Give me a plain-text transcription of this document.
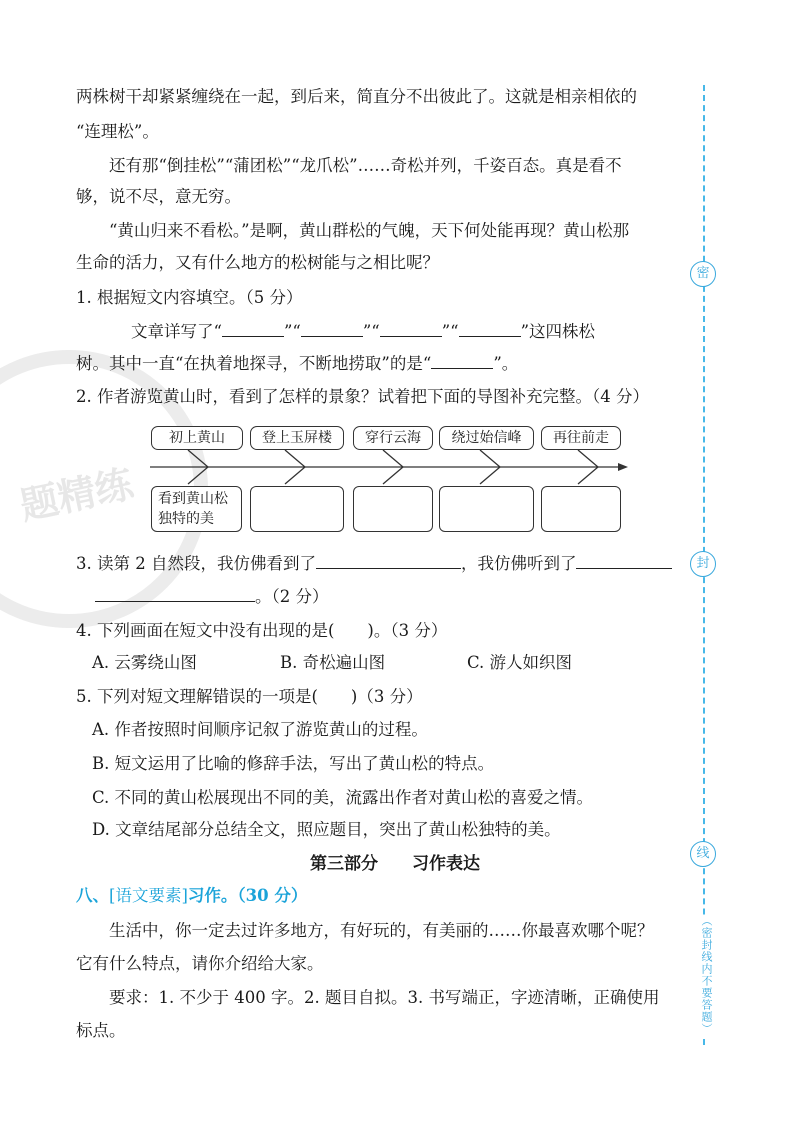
题精练
两株树干却紧紧缠绕在一起，到后来，简直分不出彼此了。这就是相亲相依的
“连理松”。
还有那“倒挂松”“蒲团松”“龙爪松”……奇松并列，千姿百态。真是看不
够，说不尽，意无穷。
“黄山归来不看松。”是啊，黄山群松的气魄，天下何处能再现？黄山松那
生命的活力，又有什么地方的松树能与之相比呢？
1. 根据短文内容填空。（5 分）
文章详写了“	”“	”“	”“	”这四株松
树。其中一直“在执着地探寻，不断地捞取”的是“	”。
2. 作者游览黄山时，看到了怎样的景象？试着把下面的导图补充完整。（4 分）
初上黄山	登上玉屏楼	穿行云海	绕过始信峰	再往前走
看到黄山松独特的美
3. 读第 2 自然段，我仿佛看到了	，我仿佛听到了
。（2 分）
4. 下列画面在短文中没有出现的是(　　)。（3 分）
A. 云雾绕山图	B. 奇松遍山图	C. 游人如织图
5. 下列对短文理解错误的一项是(　　)（3 分）
A. 作者按照时间顺序记叙了游览黄山的过程。
B. 短文运用了比喻的修辞手法，写出了黄山松的特点。
C. 不同的黄山松展现出不同的美，流露出作者对黄山松的喜爱之情。
D. 文章结尾部分总结全文，照应题目，突出了黄山松独特的美。
第三部分　　习作表达
八、[语文要素]习作。（30 分）
生活中，你一定去过许多地方，有好玩的，有美丽的……你最喜欢哪个呢？
它有什么特点，请你介绍给大家。
要求：1. 不少于 400 字。2. 题目自拟。3. 书写端正，字迹清晰，正确使用
标点。
密
封
线
（密封线内不要答题）
